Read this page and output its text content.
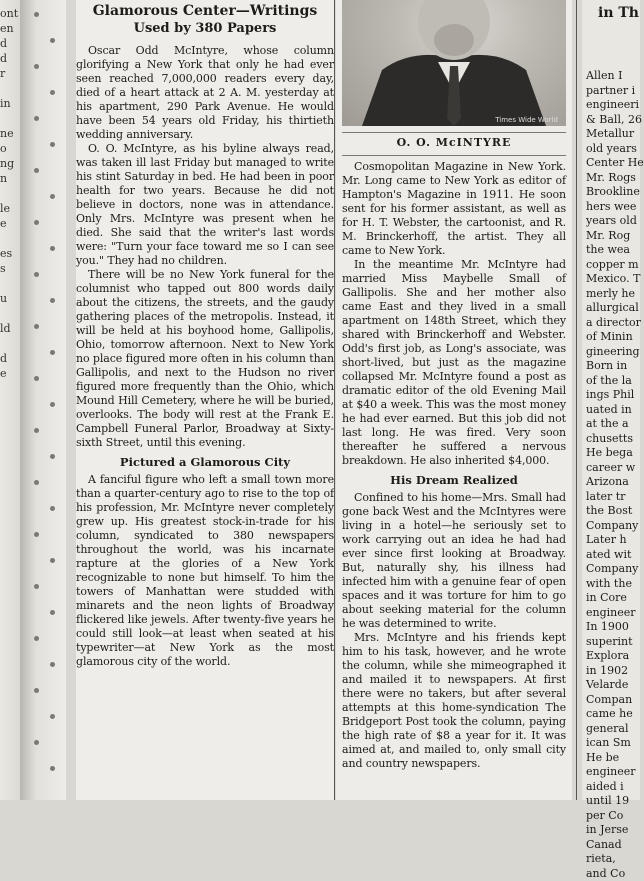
ont
en
d
d
r

in

ne
o
ng
n

le
e

es
s

u

ld

d
e
Glamorous Center—Writings
Used by 380 Papers

Oscar Odd McIntyre, whose column glorifying a New York that only he had ever seen reached 7,000,000 readers every day, died of a heart attack at 2 A. M. yesterday at his apartment, 290 Park Avenue. He would have been 54 years old Friday, his thirtieth wedding anniversary.

O. O. McIntyre, as his byline always read, was taken ill last Friday but managed to write his stint Saturday in bed. He had been in poor health for two years. Because he did not believe in doctors, none was in attendance. Only Mrs. McIntyre was present when he died. She said that the writer's last words were: "Turn your face toward me so I can see you." They had no children.

There will be no New York funeral for the columnist who tapped out 800 words daily about the citizens, the streets, and the gaudy gathering places of the metropolis. Instead, it will be held at his boyhood home, Gallipolis, Ohio, tomorrow afternoon. Next to New York no place figured more often in his column than Gallipolis, and next to the Hudson no river figured more frequently than the Ohio, which Mound Hill Cemetery, where he will be buried, overlooks. The body will rest at the Frank E. Campbell Funeral Parlor, Broadway at Sixty-sixth Street, until this evening.

Pictured a Glamorous City

A fanciful figure who left a small town more than a quarter-century ago to rise to the top of his profession, Mr. McIntyre never completely grew up. His greatest stock-in-trade for his column, syndicated to 380 newspapers throughout the world, was his incarnate rapture at the glories of a New York recognizable to none but himself. To him the towers of Manhattan were studded with minarets and the neon lights of Broadway flickered like jewels. After twenty-five years he could still look—at least when seated at his typewriter—at New York as the most glamorous city of the world.

Times Wide World
O. O. McINTYRE

Cosmopolitan Magazine in New York. Mr. Long came to New York as editor of Hampton's Magazine in 1911. He soon sent for his former assistant, as well as for H. T. Webster, the cartoonist, and R. M. Brinckerhoff, the artist. They all came to New York.

In the meantime Mr. McIntyre had married Miss Maybelle Small of Gallipolis. She and her mother also came East and they lived in a small apartment on 148th Street, which they shared with Brinckerhoff and Webster. Odd's first job, as Long's associate, was short-lived, but just as the magazine collapsed Mr. McIntyre found a post as dramatic editor of the old Evening Mail at $40 a week. This was the most money he had ever earned. But this job did not last long. He was fired. Very soon thereafter he suffered a nervous breakdown. He also inherited $4,000.

His Dream Realized

Confined to his home—Mrs. Small had gone back West and the McIntyres were living in a hotel—he seriously set to work carrying out an idea he had had ever since first looking at Broadway. But, naturally shy, his illness had infected him with a genuine fear of open spaces and it was torture for him to go about seeking material for the column he was determined to write.

Mrs. McIntyre and his friends kept him to his task, however, and he wrote the column, while she mimeographed it and mailed it to newspapers. At first there were no takers, but after several attempts at this home-syndication The Bridgeport Post took the column, paying the high rate of $8 a year for it. It was aimed at, and mailed to, only small city and country newspapers.

in Th
Allen I
partner i
engineeri
& Ball, 26
Metallur
old years
Center He
Mr. Rogs
Brookline
hers wee
years old
Mr. Rog
the wea
copper m
Mexico. T
merly he
allurgical
a director
of Minin
gineering
Born in
of the la
ings Phil
uated in
at the a
chusetts
He bega
career w
Arizona
later tr
the Bost
Company
Later h
ated wit
Company
with the
in Core
engineer
In 1900
superint
Explora
in 1902
Velarde
Compan
came he
general
ican Sm
He be
engineer
aided i
until 19
per Co
in Jerse
Canad
rieta,
and Co
